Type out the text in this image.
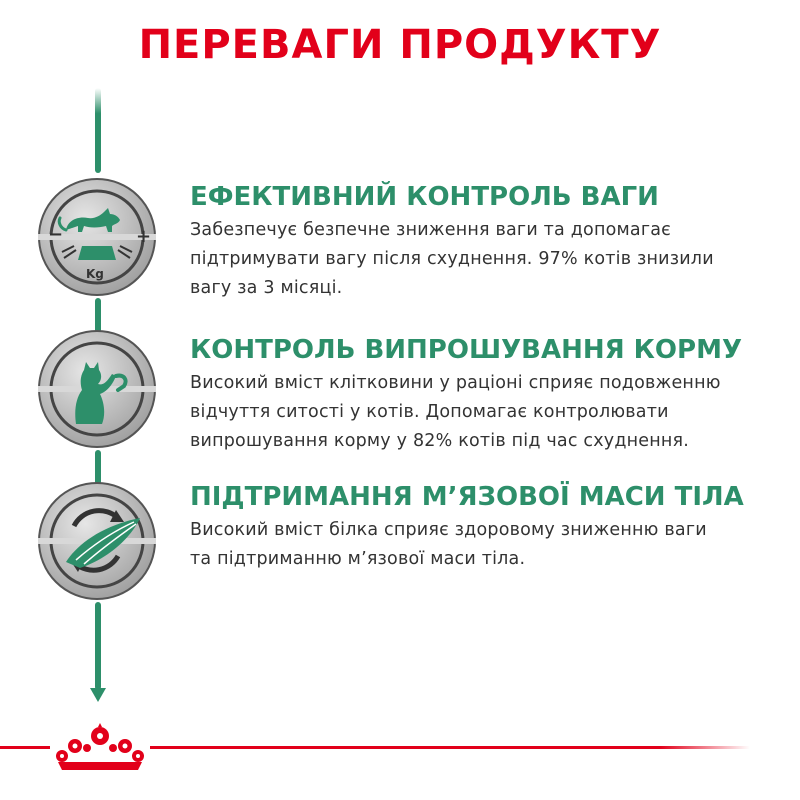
ПЕРЕВАГИ ПРОДУКТУ
−	+
Kg
ЕФЕКТИВНИЙ КОНТРОЛЬ ВАГИ

Забезпечує безпечне зниження ваги та допомагає
підтримувати вагу після схуднення. 97% котів знизили
вагу за 3 місяці.

КОНТРОЛЬ ВИПРОШУВАННЯ КОРМУ

Високий вміст клітковини у раціоні сприяє подовженню
відчуття ситості у котів. Допомагає контролювати
випрошування корму у 82% котів під час схуднення.

ПІДТРИМАННЯ М’ЯЗОВОЇ МАСИ ТІЛА

Високий вміст білка сприяє здоровому зниженню ваги
та підтриманню м’язової маси тіла.
